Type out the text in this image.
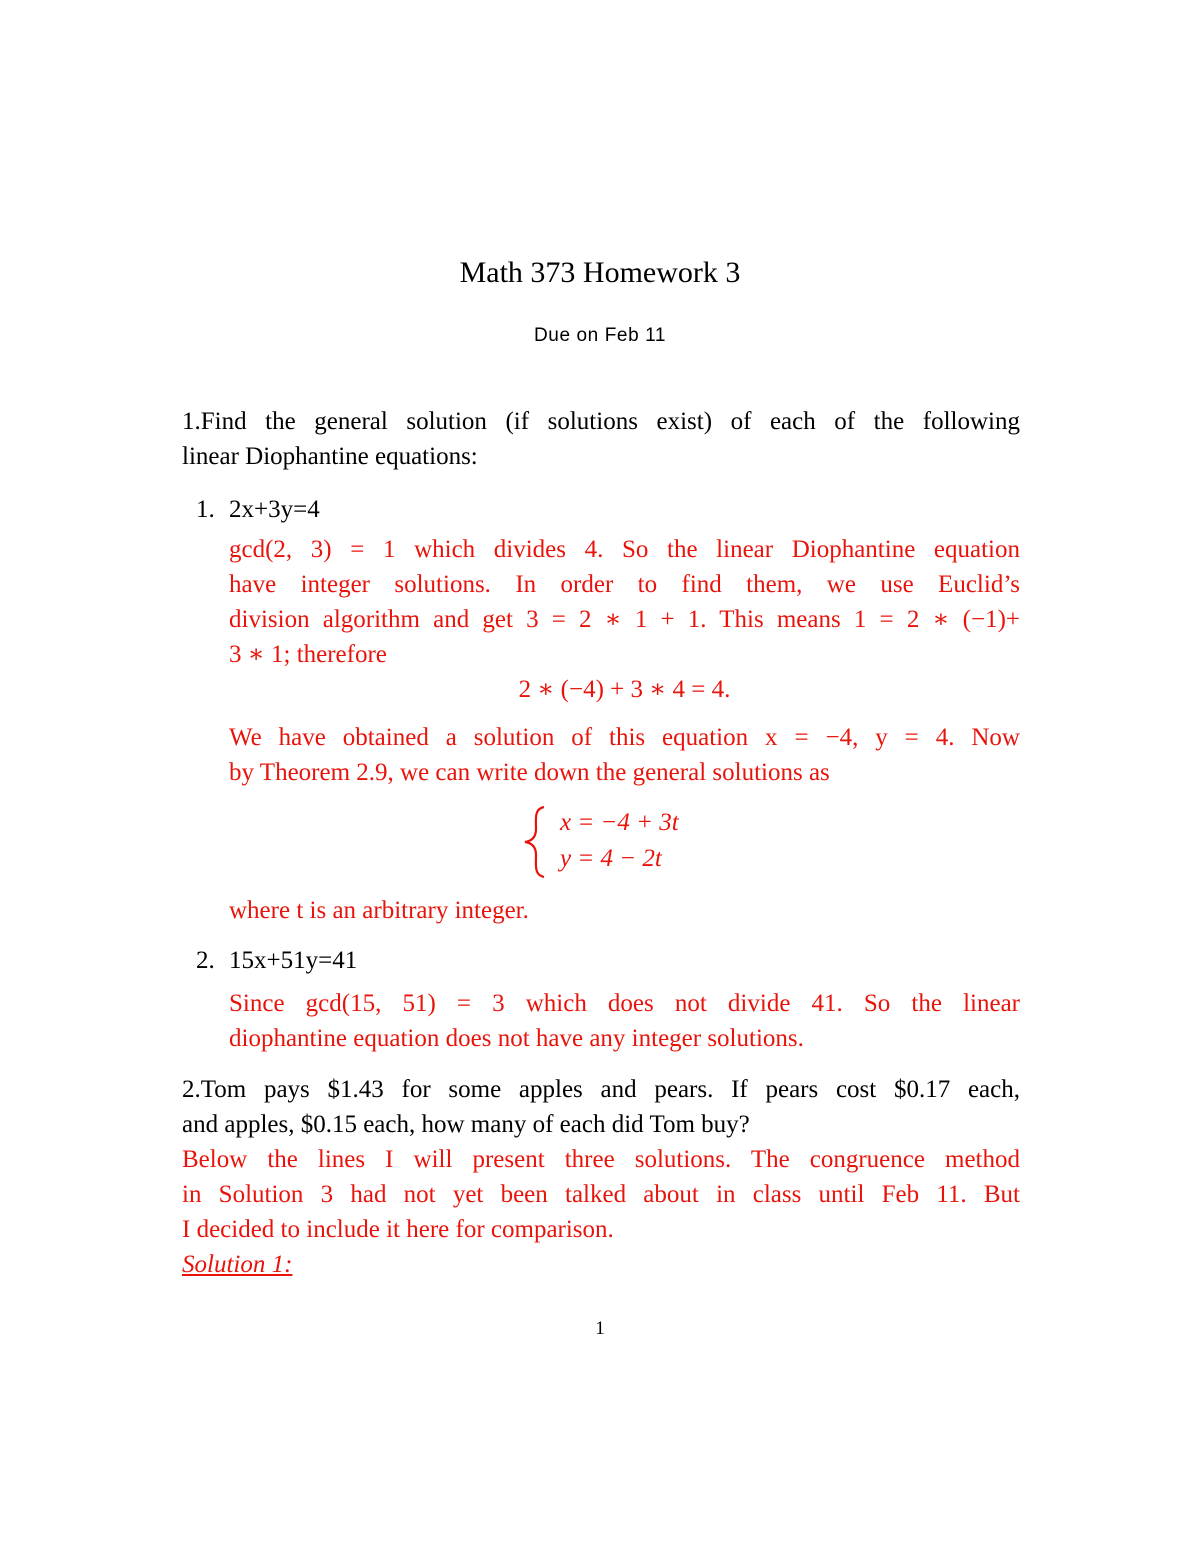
Math 373 Homework 3
Due on Feb 11
1.Find the general solution (if solutions exist) of each of the following
linear Diophantine equations:
1. 2x+3y=4
gcd(2, 3) = 1 which divides 4. So the linear Diophantine equation
have integer solutions. In order to find them, we use Euclid’s
division algorithm and get 3 = 2 ∗ 1 + 1. This means 1 = 2 ∗ (−1)+
3 ∗ 1; therefore
2 ∗ (−4) + 3 ∗ 4 = 4.
We have obtained a solution of this equation x = −4, y = 4. Now
by Theorem 2.9, we can write down the general solutions as
x = −4 + 3t
y = 4 − 2t
where t is an arbitrary integer.
2. 15x+51y=41
Since gcd(15, 51) = 3 which does not divide 41. So the linear
diophantine equation does not have any integer solutions.
2.Tom pays $1.43 for some apples and pears. If pears cost $0.17 each,
and apples, $0.15 each, how many of each did Tom buy?
Below the lines I will present three solutions. The congruence method
in Solution 3 had not yet been talked about in class until Feb 11. But
I decided to include it here for comparison.
Solution 1:
1
